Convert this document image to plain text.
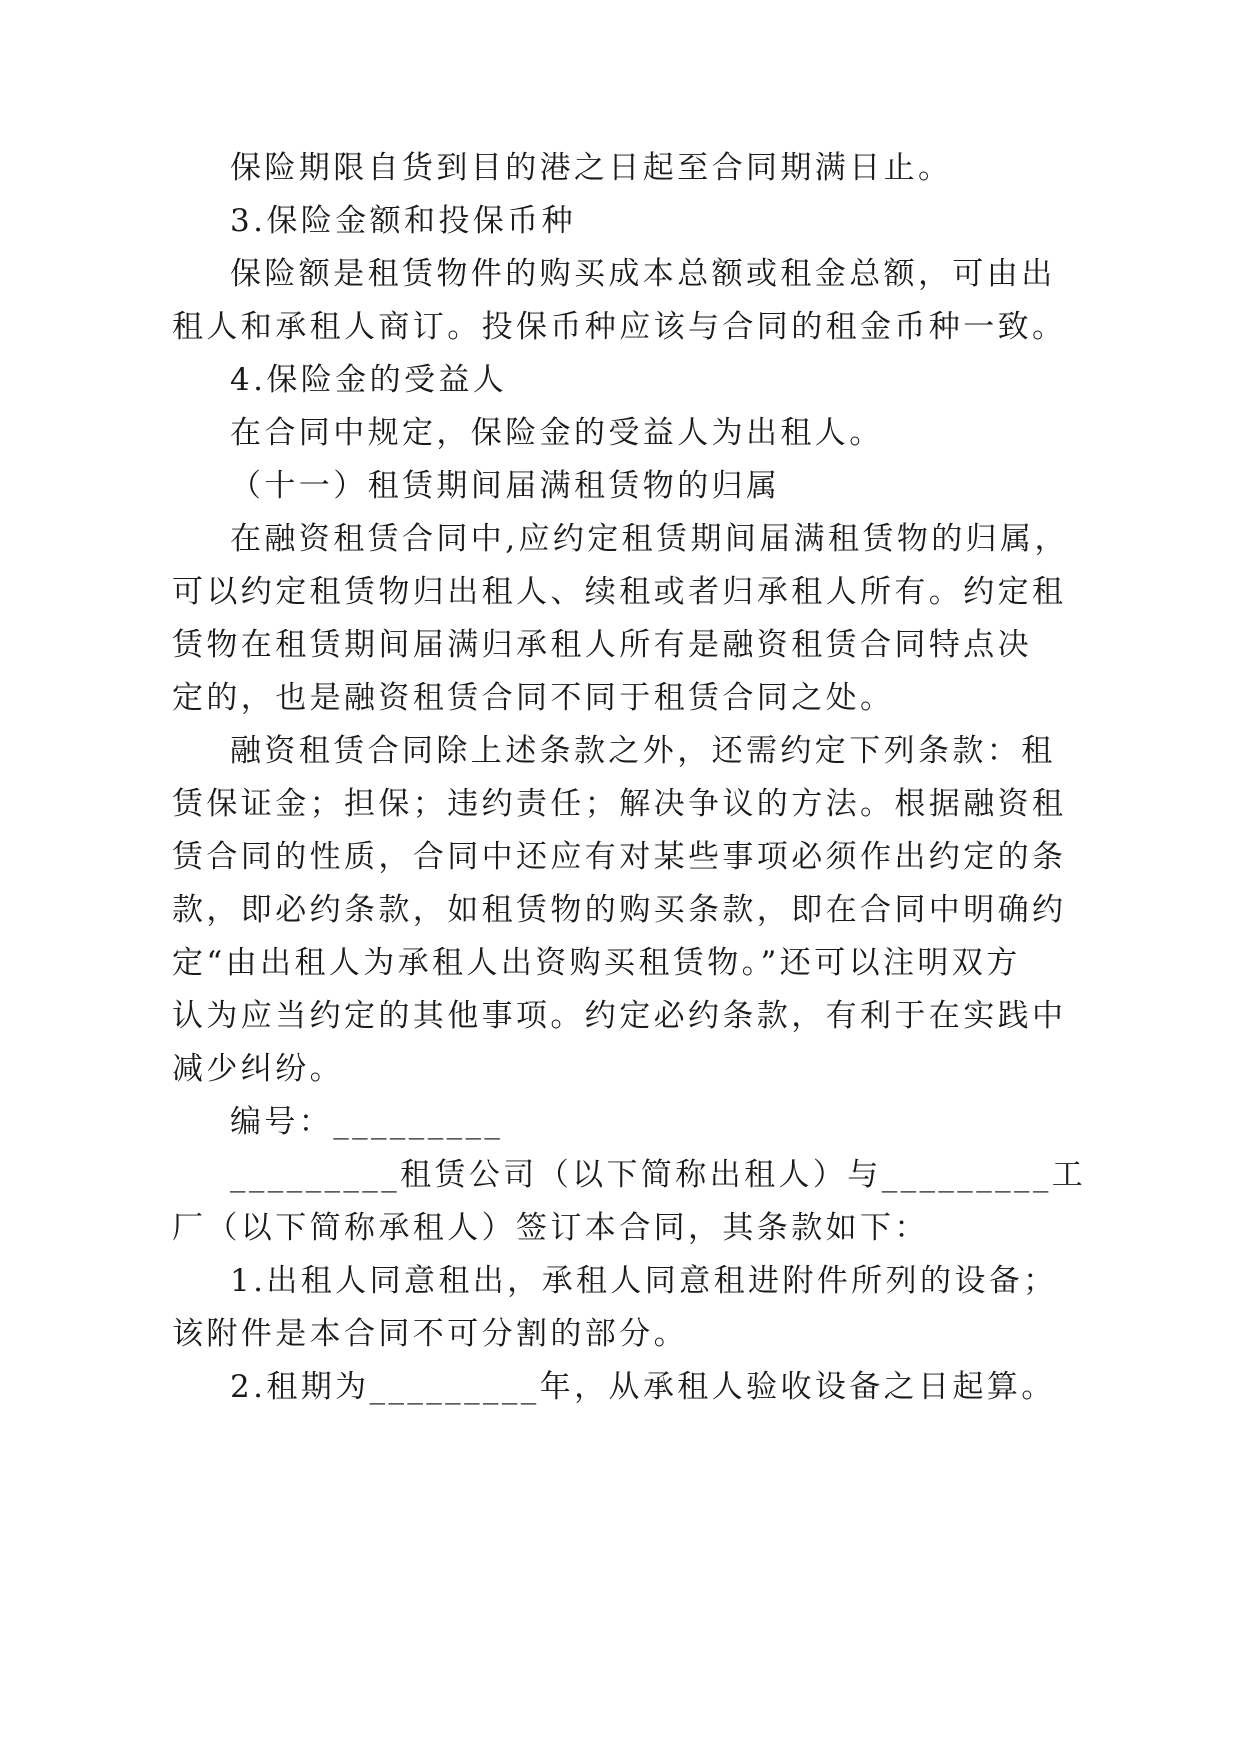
保险期限自货到目的港之日起至合同期满日止。
3.保险金额和投保币种
保险额是租赁物件的购买成本总额或租金总额，可由出
租人和承租人商订。投保币种应该与合同的租金币种一致。
4.保险金的受益人
在合同中规定，保险金的受益人为出租人。
（十一）租赁期间届满租赁物的归属
在融资租赁合同中,应约定租赁期间届满租赁物的归属，
可以约定租赁物归出租人、续租或者归承租人所有。约定租
赁物在租赁期间届满归承租人所有是融资租赁合同特点决
定的，也是融资租赁合同不同于租赁合同之处。
融资租赁合同除上述条款之外，还需约定下列条款：租
赁保证金；担保；违约责任；解决争议的方法。根据融资租
赁合同的性质，合同中还应有对某些事项必须作出约定的条
款，即必约条款，如租赁物的购买条款，即在合同中明确约
定“由出租人为承租人出资购买租赁物。”还可以注明双方
认为应当约定的其他事项。约定必约条款，有利于在实践中
减少纠纷。
编号：_________
_________租赁公司（以下简称出租人）与_________工
厂（以下简称承租人）签订本合同，其条款如下：
1.出租人同意租出，承租人同意租进附件所列的设备；
该附件是本合同不可分割的部分。
2.租期为_________年，从承租人验收设备之日起算。
